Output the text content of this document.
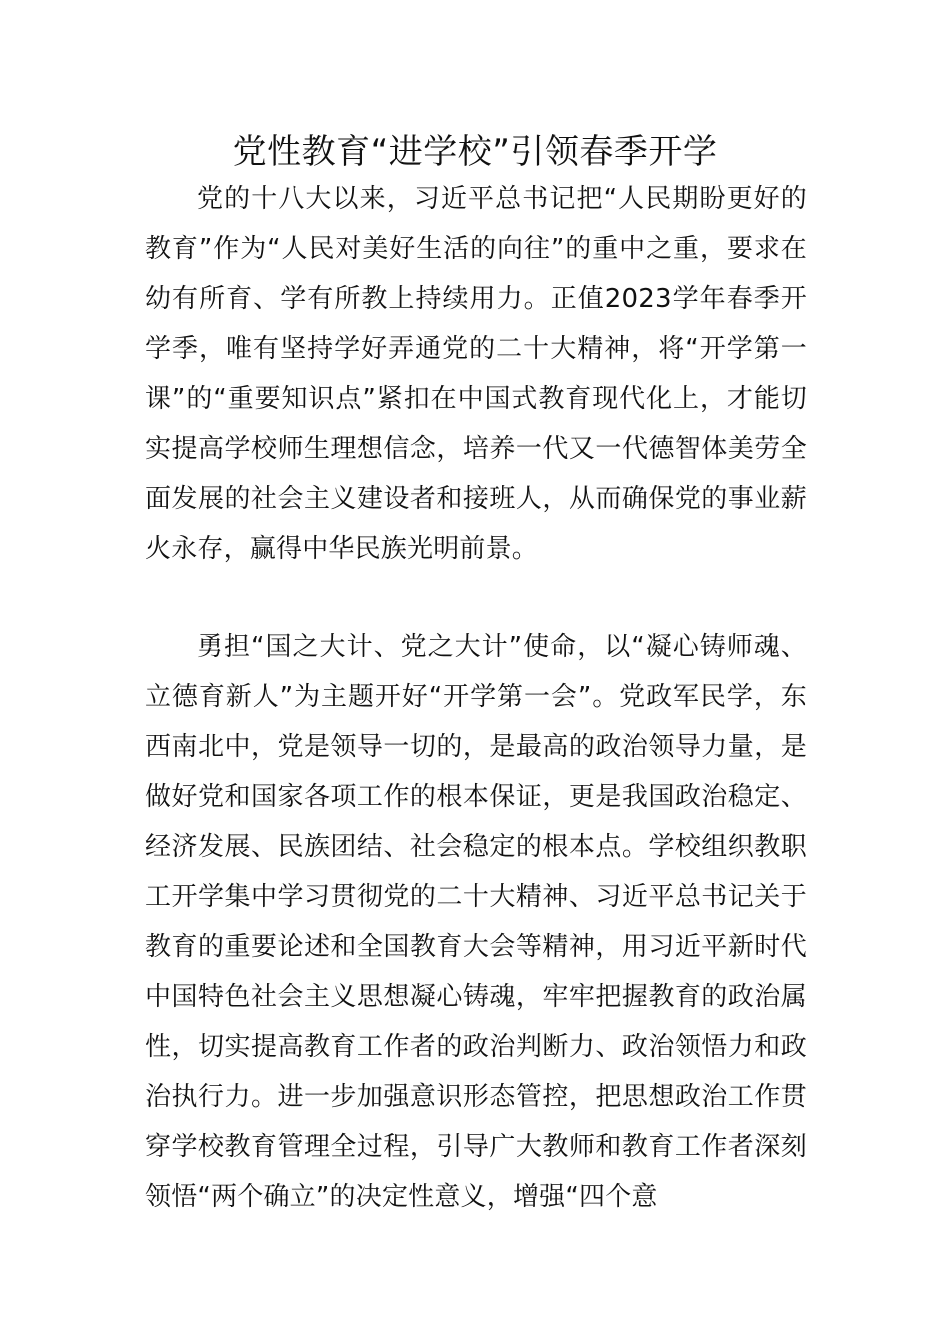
党性教育“进学校”引领春季开学

党的十八大以来，习近平总书记把“人民期盼更好的教育”作为“人民对美好生活的向往”的重中之重，要求在幼有所育、学有所教上持续用力。正值2023学年春季开学季，唯有坚持学好弄通党的二十大精神，将“开学第一课”的“重要知识点”紧扣在中国式教育现代化上，才能切实提高学校师生理想信念，培养一代又一代德智体美劳全面发展的社会主义建设者和接班人，从而确保党的事业薪火永存，赢得中华民族光明前景。

勇担“国之大计、党之大计”使命，以“凝心铸师魂、立德育新人”为主题开好“开学第一会”。党政军民学，东西南北中，党是领导一切的，是最高的政治领导力量，是做好党和国家各项工作的根本保证，更是我国政治稳定、经济发展、民族团结、社会稳定的根本点。学校组织教职工开学集中学习贯彻党的二十大精神、习近平总书记关于教育的重要论述和全国教育大会等精神，用习近平新时代中国特色社会主义思想凝心铸魂，牢牢把握教育的政治属性，切实提高教育工作者的政治判断力、政治领悟力和政治执行力。进一步加强意识形态管控，把思想政治工作贯穿学校教育管理全过程，引导广大教师和教育工作者深刻领悟“两个确立”的决定性意义，增强“四个意
